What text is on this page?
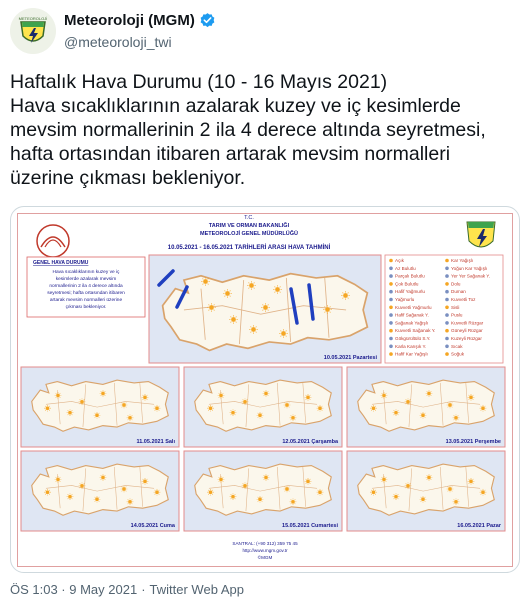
METEOROLOJİ Meteoroloji (MGM)
@meteoroloji_twi
Haftalık Hava Durumu (10 - 16 Mayıs 2021)
Hava sıcaklıklarının azalarak kuzey ve iç kesimlerde
mevsim normallerinin 2 ila 4 derece altında seyretmesi,
hafta ortasından itibaren artarak mevsim normalleri
üzerine çıkması bekleniyor.
T.C.
TARIM VE ORMAN BAKANLIĞI
METEOROLOJİ GENEL MÜDÜRLÜĞÜ
10.05.2021 - 16.05.2021 TARİHLERİ ARASI HAVA TAHMİNİ
GENEL HAVA DURUMU
Hava sıcaklıklarının kuzey ve iç
kesimlerde azalarak mevsim
normallerinin 2 ila 4 derece altında
seyretmesi; hafta ortasından itibaren
artarak mevsim normalleri üzerine
çıkması bekleniyor.
10.05.2021 Pazartesi
Açık
Az Bulutlu
Parçalı Bulutlu
Çok Bulutlu
Hafif Yağmurlu
Yağmurlu
Kuvvetli Yağmurlu
Hafif Sağanak Y.
Sağanak Yağışlı
Kuvvetli Sağanak Y.
Gökgürültülü S.Y.
Karla Karışık Y.
Hafif Kar Yağışlı
Kar Yağışlı
Yoğun Kar Yağışlı
Yer Yer Sağanak Y.
Dolu
Duman
Kuvvetli Toz
Sisli
Puslu
Kuvvetli Rüzgar
Güneyli Rüzgar
Kuzeyli Rüzgar
Sıcak
Soğuk
11.05.2021 Salı	12.05.2021 Çarşamba	13.05.2021 Perşembe
14.05.2021 Cuma	15.05.2021 Cumartesi	16.05.2021 Pazar
SANTRAL: (+90 312) 359 75 45
http://www.mgm.gov.tr
©MGM
ÖS 1:03 · 9 May 2021 · Twitter Web App
